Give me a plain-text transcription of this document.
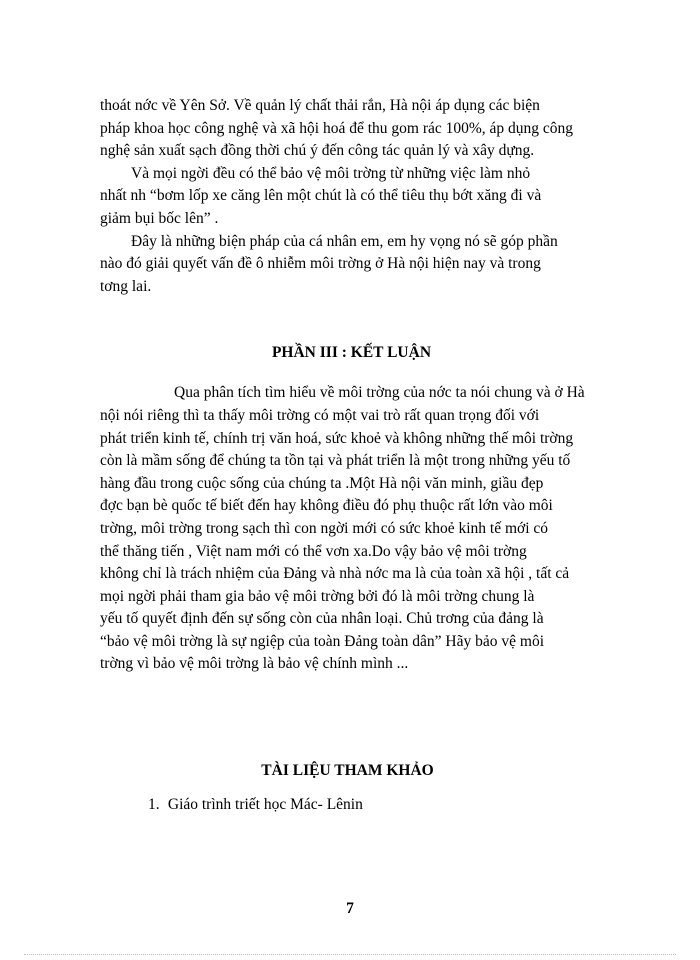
thoát nớc về Yên Sở. Về quản lý chất thải rắn, Hà nội áp dụng các biện
pháp khoa học công nghệ và xã hội hoá để thu gom rác 100%, áp dụng công
nghệ sản xuất sạch đồng thời chú ý đến công tác quản lý và xây dựng.
Và mọi ngời đều có thể bảo vệ môi trờng từ những việc làm nhỏ
nhất nh “bơm lốp xe căng lên một chút là có thể tiêu thụ bớt xăng đi và
giảm bụi bốc lên” .
Đây là những biện pháp của cá nhân em, em hy vọng nó sẽ góp phần
nào đó giải quyết vấn đề ô nhiễm môi trờng ở Hà nội hiện nay và trong
tơng lai.
PHẦN III : KẾT LUẬN
Qua phân tích tìm hiểu về môi trờng của nớc ta nói chung và ở Hà
nội nói riêng thì ta thấy môi trờng có một vai trò rất quan trọng đối với
phát triển kinh tế, chính trị văn hoá, sức khoẻ và không những thế môi trờng
còn là mầm sống để chúng ta tồn tại và phát triển là một trong những yếu tố
hàng đầu trong cuộc sống của chúng ta .Một Hà nội văn minh, giầu đẹp
đợc bạn bè quốc tế biết đến hay không điều đó phụ thuộc rất lớn vào môi
trờng, môi trờng trong sạch thì con ngời mới có sức khoẻ kinh tế mới có
thể thăng tiến , Việt nam mới có thể vơn xa.Do vậy bảo vệ môi trờng
không chỉ là trách nhiệm của Đảng và nhà nớc ma là của toàn xã hội , tất cả
mọi ngời phải tham gia bảo vệ môi trờng bởi đó là môi trờng chung là
yếu tố quyết định đến sự sống còn của nhân loại. Chủ trơng của đảng là
“bảo vệ môi trờng là sự ngiệp của toàn Đảng toàn dân” Hãy bảo vệ môi
trờng vì bảo vệ môi trờng là bảo vệ chính mình ...
TÀI LIỆU THAM KHẢO
1. Giáo trình triết học Mác- Lênin
7
